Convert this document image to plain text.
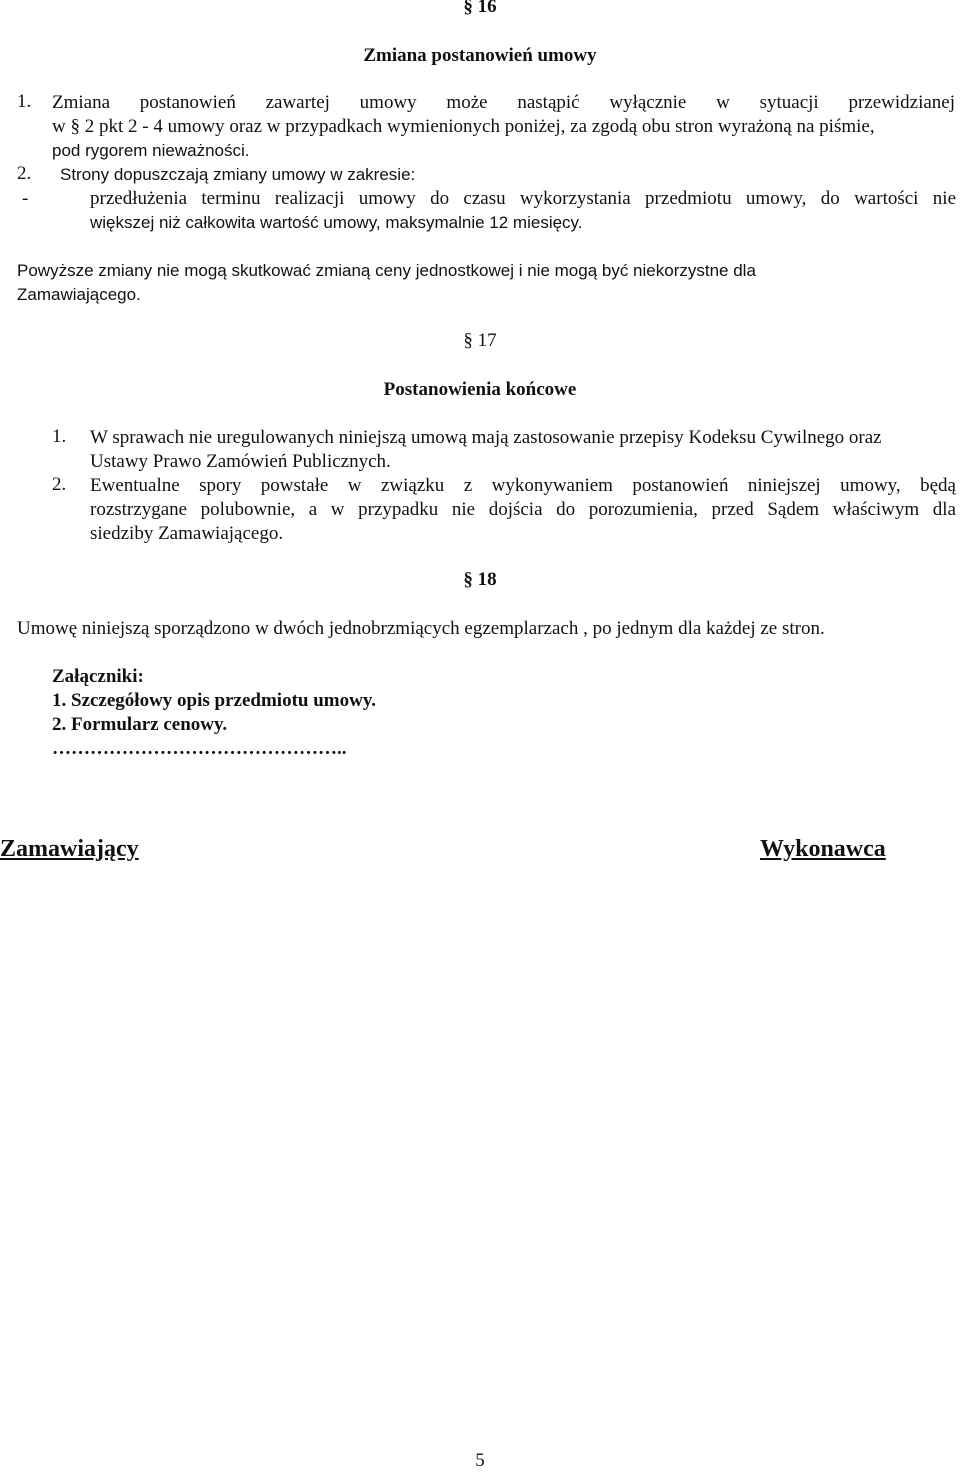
§ 16
Zmiana postanowień umowy
1. Zmiana postanowień zawartej umowy może nastąpić wyłącznie w sytuacji przewidzianej
w § 2 pkt 2 - 4 umowy oraz w przypadkach wymienionych poniżej, za zgodą obu stron wyrażoną na piśmie,
pod rygorem nieważności.
2. Strony dopuszczają zmiany umowy w zakresie:
-	przedłużenia terminu realizacji umowy do czasu wykorzystania przedmiotu umowy, do wartości nie
większej niż całkowita wartość umowy, maksymalnie 12 miesięcy.
Powyższe zmiany nie mogą skutkować zmianą ceny jednostkowej i nie mogą być niekorzystne dla
Zamawiającego.
§ 17
Postanowienia końcowe
1. W sprawach nie uregulowanych niniejszą umową mają zastosowanie przepisy Kodeksu Cywilnego oraz
Ustawy Prawo Zamówień Publicznych.
2. Ewentualne spory powstałe w związku z wykonywaniem postanowień niniejszej umowy, będą
rozstrzygane polubownie, a w przypadku nie dojścia do porozumienia, przed Sądem właściwym dla
siedziby Zamawiającego.
§ 18
Umowę niniejszą sporządzono w dwóch jednobrzmiących egzemplarzach , po jednym dla każdej ze stron.
Załączniki:
1. Szczegółowy opis przedmiotu umowy.
2. Formularz cenowy.
………………………………………..
Zamawiający	Wykonawca
5
